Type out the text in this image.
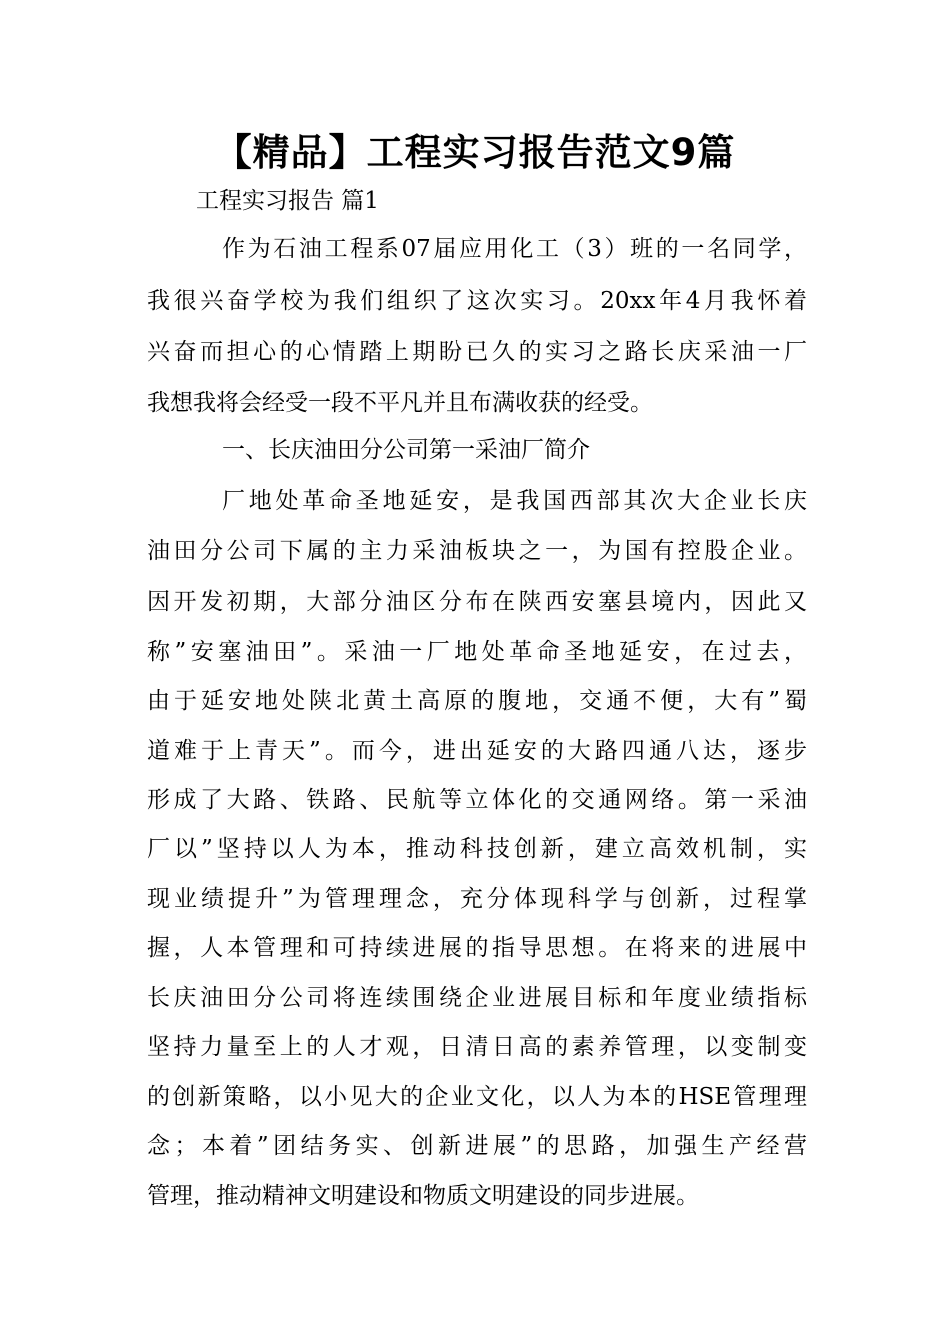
【精品】工程实习报告范文9篇
工程实习报告 篇1
作为石油工程系07届应用化工（3）班的一名同学，
我很兴奋学校为我们组织了这次实习。20xx年4月我怀着
兴奋而担心的心情踏上期盼已久的实习之路长庆采油一厂
我想我将会经受一段不平凡并且布满收获的经受。
一、长庆油田分公司第一采油厂简介
厂地处革命圣地延安，是我国西部其次大企业长庆
油田分公司下属的主力采油板块之一，为国有控股企业。
因开发初期，大部分油区分布在陕西安塞县境内，因此又
称”安塞油田”。采油一厂地处革命圣地延安，在过去，
由于延安地处陕北黄土高原的腹地，交通不便，大有”蜀
道难于上青天”。而今，进出延安的大路四通八达，逐步
形成了大路、铁路、民航等立体化的交通网络。第一采油
厂以”坚持以人为本，推动科技创新，建立高效机制，实
现业绩提升”为管理理念，充分体现科学与创新，过程掌
握，人本管理和可持续进展的指导思想。在将来的进展中
长庆油田分公司将连续围绕企业进展目标和年度业绩指标
坚持力量至上的人才观，日清日高的素养管理，以变制变
的创新策略，以小见大的企业文化，以人为本的HSE管理理
念；本着”团结务实、创新进展”的思路，加强生产经营
管理，推动精神文明建设和物质文明建设的同步进展。
